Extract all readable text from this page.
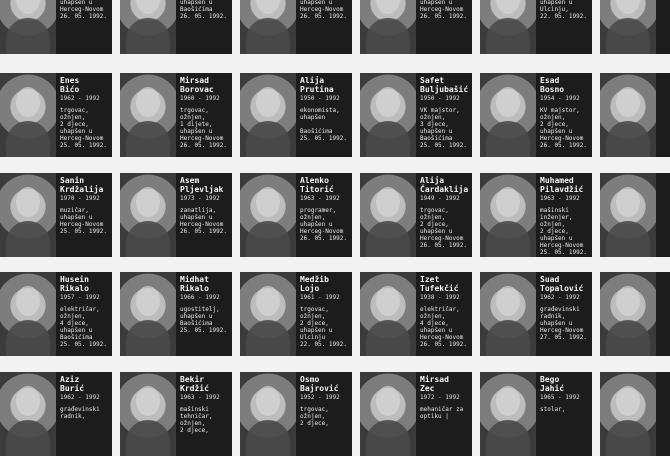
uhapšen u
Herceg-Novom
26. 05. 1992.

uhapšen u
Baošićima
26. 05. 1992.

uhapšen u
Herceg-Novom
26. 05. 1992.

uhapšen u
Herceg-Novom
26. 05. 1992.

uhapšen u
Ulcinju,
22. 05. 1992.
Enes
Bićo
1962 - 1992
trgovac,
ožnjen,
2 djece,
uhapšen u
Herceg-Novom
25. 05. 1992.
Mirsad
Borovac
1960 - 1992
trgovac,
ožnjen,
1 dijete,
uhapšen u
Herceg-Novom
26. 05. 1992.
Alija
Prutina
1950 - 1992
ekonomista,
uhapšen

Baošićima
25. 05. 1992.
Safet
Buljubašić
1950 - 1992
VK majstor,
ožnjen,
3 djece,
uhapšen u
Baošićima
25. 05. 1992.
Esad
Bosno
1954 - 1992
KV majstor,
ožnjen,
2 djece,
uhapšen u
Herceg-Novom
26. 05. 1992.
Sanin
Krdžalija
1970 - 1992
muzičar,
uhapšen u
Herceg-Novom
25. 05. 1992.
Asem
Pljevljak
1973 - 1992
zanatlija,
uhapšen u
Herceg-Novom
26. 05. 1992.
Alenko
Titorić
1963 - 1992
programer,
ožnjen,
uhapšen u
Herceg-Novom
26. 05. 1992.
Alija
Čardaklija
1949 - 1992
trgovac,
ožnjen,
2 djece,
uhapšen u
Herceg-Novom
26. 05. 1992.
Muhamed
Pilavdžić
1963 - 1992
mašinski
inženjer,
ožnjen,
2 djece,
uhapšen u
Herceg-Novom
25. 05. 1992.
Husein
Rikalo
1957 - 1992
električar,
ožnjen,
4 djece,
uhapšen u
Baošićima
25. 05. 1992.
Midhat
Rikalo
1966 - 1992
ugostitelj,
uhapšen u
Baošićima
25. 05. 1992.
Medžib
Lojo
1961 - 1992
trgovac,
ožnjen,
2 djece,
uhapšen u
Ulcinju
22. 05. 1992.
Izet
Tufekčić
1938 - 1992
električar,
ožnjen,
4 djece,
uhapšen u
Herceg-Novom
26. 05. 1992.
Suad
Topalović
1962 - 1992
građevinski
radnik,
uhapšen u
Herceg-Novom
27. 05. 1992.
Aziz
Burić
1962 - 1992
građevinski
radnik,
Bekir
Krdžić
1963 - 1992
mašinski tehničar,
ožnjen,
2 djece,
Osmo
Bajrović
1952 - 1992
trgovac,
ožnjen,
2 djece,
Mirsad
Zec
1972 - 1992
mehaničar za
optiku |
Bego
Jahić
1965 - 1992
stolar,
